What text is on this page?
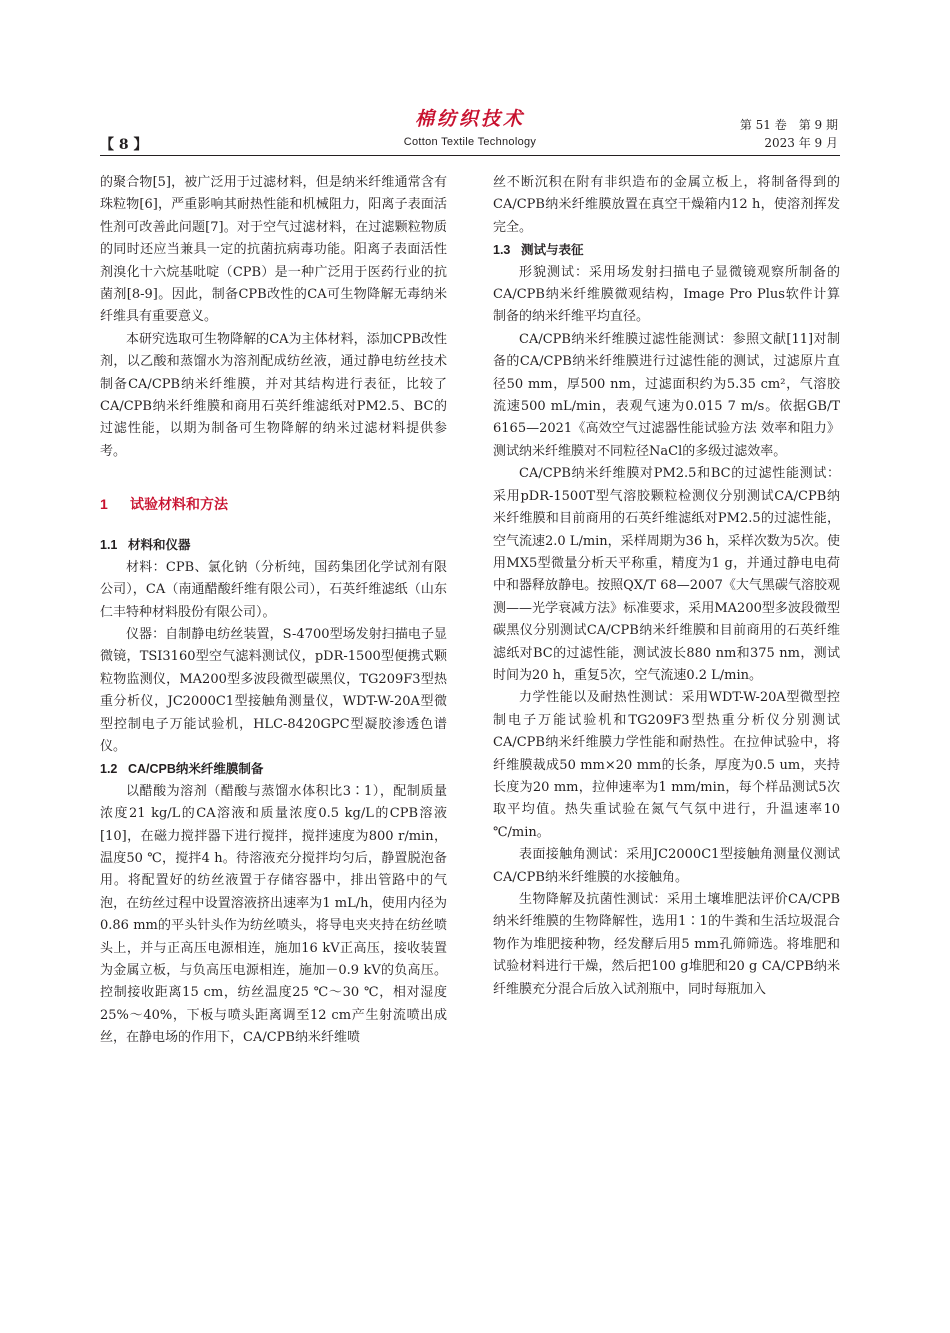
【 8 】
棉纺织技术
Cotton Textile Technology
第 51 卷　第 9 期
2023 年 9 月

的聚合物[5]，被广泛用于过滤材料，但是纳米纤维通常含有珠粒物[6]，严重影响其耐热性能和机械阻力，阳离子表面活性剂可改善此问题[7]。对于空气过滤材料，在过滤颗粒物质的同时还应当兼具一定的抗菌抗病毒功能。阳离子表面活性剂溴化十六烷基吡啶（CPB）是一种广泛用于医药行业的抗菌剂[8-9]。因此，制备CPB改性的CA可生物降解无毒纳米纤维具有重要意义。

本研究选取可生物降解的CA为主体材料，添加CPB改性剂，以乙酸和蒸馏水为溶剂配成纺丝液，通过静电纺丝技术制备CA/CPB纳米纤维膜，并对其结构进行表征，比较了CA/CPB纳米纤维膜和商用石英纤维滤纸对PM2.5、BC的过滤性能，以期为制备可生物降解的纳米过滤材料提供参考。

1 试验材料和方法
1.1 材料和仪器

材料：CPB、氯化钠（分析纯，国药集团化学试剂有限公司），CA（南通醋酸纤维有限公司），石英纤维滤纸（山东仁丰特种材料股份有限公司）。

仪器：自制静电纺丝装置，S-4700型场发射扫描电子显微镜，TSI3160型空气滤料测试仪，pDR-1500型便携式颗粒物监测仪，MA200型多波段微型碳黑仪，TG209F3型热重分析仪，JC2000C1型接触角测量仪，WDT-W-20A型微型控制电子万能试验机，HLC-8420GPC型凝胶渗透色谱仪。

1.2 CA/CPB纳米纤维膜制备

以醋酸为溶剂（醋酸与蒸馏水体积比3∶1），配制质量浓度21 kg/L的CA溶液和质量浓度0.5 kg/L的CPB溶液[10]，在磁力搅拌器下进行搅拌，搅拌速度为800 r/min，温度50 ℃，搅拌4 h。待溶液充分搅拌均匀后，静置脱泡备用。将配置好的纺丝液置于存储容器中，排出管路中的气泡，在纺丝过程中设置溶液挤出速率为1 mL/h，使用内径为0.86 mm的平头针头作为纺丝喷头，将导电夹夹持在纺丝喷头上，并与正高压电源相连，施加16 kV正高压，接收装置为金属立板，与负高压电源相连，施加－0.9 kV的负高压。控制接收距离15 cm，纺丝温度25 ℃～30 ℃，相对湿度25%～40%，下板与喷头距离调至12 cm产生射流喷出成丝，在静电场的作用下，CA/CPB纳米纤维喷

丝不断沉积在附有非织造布的金属立板上，将制备得到的CA/CPB纳米纤维膜放置在真空干燥箱内12 h，使溶剂挥发完全。

1.3 测试与表征

形貌测试：采用场发射扫描电子显微镜观察所制备的CA/CPB纳米纤维膜微观结构，Image Pro Plus软件计算制备的纳米纤维平均直径。

CA/CPB纳米纤维膜过滤性能测试：参照文献[11]对制备的CA/CPB纳米纤维膜进行过滤性能的测试，过滤原片直径50 mm，厚500 nm，过滤面积约为5.35 cm²，气溶胶流速500 mL/min，表观气速为0.015 7 m/s。依据GB/T 6165—2021《高效空气过滤器性能试验方法 效率和阻力》测试纳米纤维膜对不同粒径NaCl的多级过滤效率。

CA/CPB纳米纤维膜对PM2.5和BC的过滤性能测试：采用pDR-1500T型气溶胶颗粒检测仪分别测试CA/CPB纳米纤维膜和目前商用的石英纤维滤纸对PM2.5的过滤性能，空气流速2.0 L/min，采样周期为36 h，采样次数为5次。使用MX5型微量分析天平称重，精度为1 g，并通过静电电荷中和器释放静电。按照QX/T 68—2007《大气黑碳气溶胶观测——光学衰减方法》标准要求，采用MA200型多波段微型碳黑仪分别测试CA/CPB纳米纤维膜和目前商用的石英纤维滤纸对BC的过滤性能，测试波长880 nm和375 nm，测试时间为20 h，重复5次，空气流速0.2 L/min。

力学性能以及耐热性测试：采用WDT-W-20A型微型控制电子万能试验机和TG209F3型热重分析仪分别测试CA/CPB纳米纤维膜力学性能和耐热性。在拉伸试验中，将纤维膜裁成50 mm×20 mm的长条，厚度为0.5 um，夹持长度为20 mm，拉伸速率为1 mm/min，每个样品测试5次取平均值。热失重试验在氮气气氛中进行，升温速率10 ℃/min。

表面接触角测试：采用JC2000C1型接触角测量仪测试CA/CPB纳米纤维膜的水接触角。

生物降解及抗菌性测试：采用土壤堆肥法评价CA/CPB纳米纤维膜的生物降解性，选用1∶1的牛粪和生活垃圾混合物作为堆肥接种物，经发酵后用5 mm孔筛筛选。将堆肥和试验材料进行干燥，然后把100 g堆肥和20 g CA/CPB纳米纤维膜充分混合后放入试剂瓶中，同时每瓶加入
